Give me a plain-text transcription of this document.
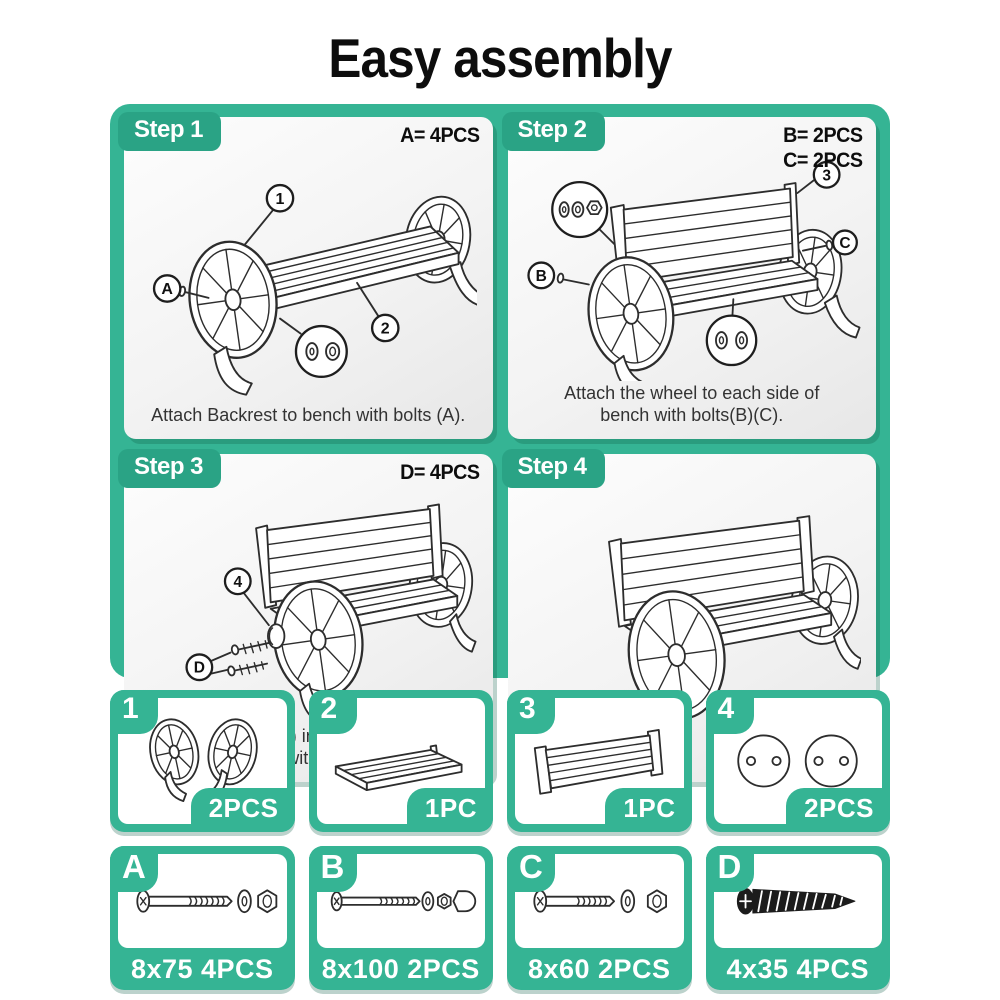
Easy assembly
Step 1	A= 4PCS
1
2
A
Attach Backrest to bench with bolts (A).
Step 2	B= 2PCS
C= 2PCS
3
B
C
Attach the wheel to each side of bench with bolts(B)(C).
Step 3	D= 4PCS
4
D
with
Step 4
1
2PCS
2
1PC
3
1PC
4
2PCS
A
8x75 4PCS
B
8x100 2PCS
C
8x60 2PCS
D
4x35 4PCS
